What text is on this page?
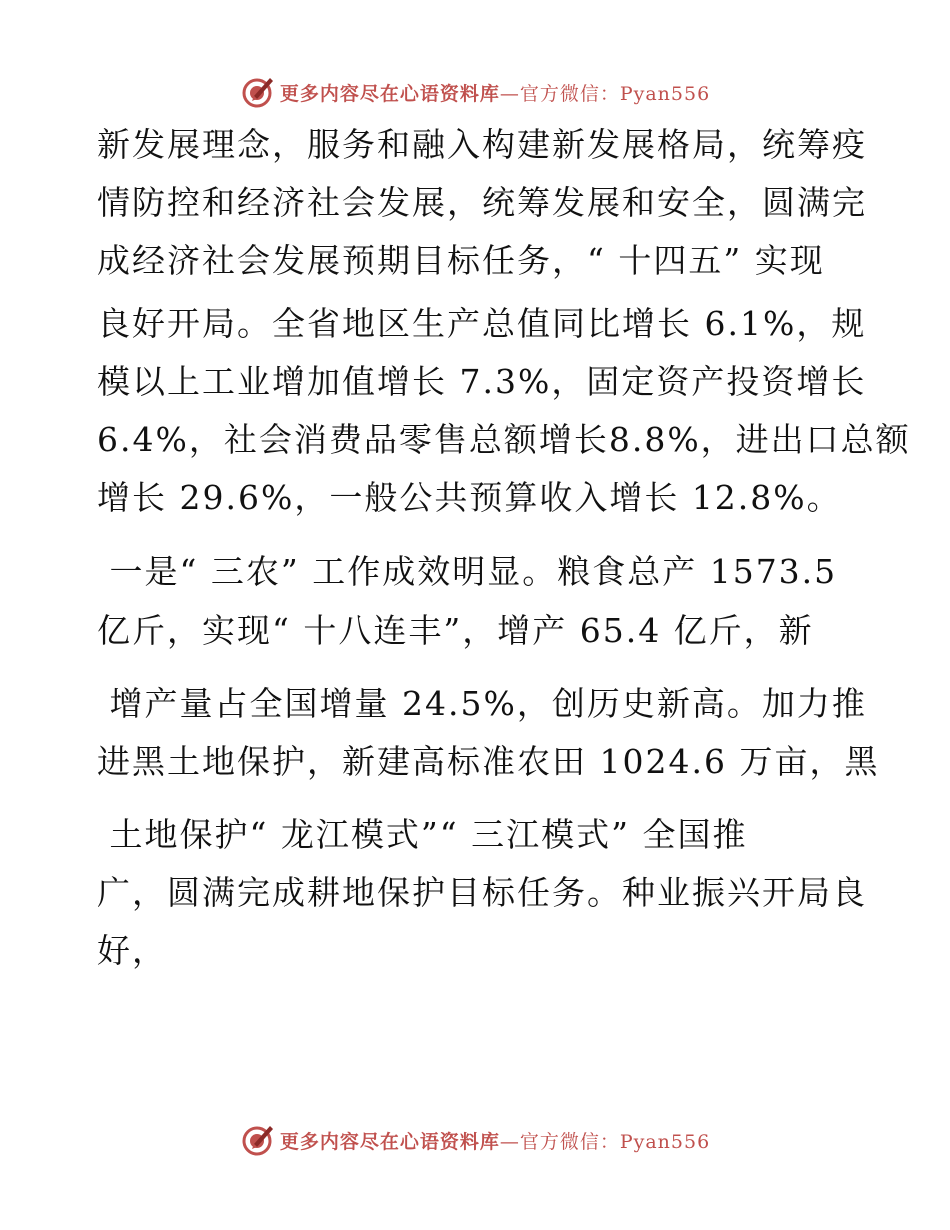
更多内容尽在心语资料库—官方微信：Pyan556
新发展理念，服务和融入构建新发展格局，统筹疫
情防控和经济社会发展，统筹发展和安全，圆满完
成经济社会发展预期目标任务，“ 十四五” 实现
良好开局。全省地区生产总值同比增长 6.1%，规
模以上工业增加值增长 7.3%，固定资产投资增长
6.4%，社会消费品零售总额增长8.8%，进出口总额
增长 29.6%，一般公共预算收入增长 12.8%。
一是“ 三农” 工作成效明显。粮食总产 1573.5
亿斤，实现“ 十八连丰”，增产 65.4 亿斤，新
增产量占全国增量 24.5%，创历史新高。加力推
进黑土地保护，新建高标准农田 1024.6 万亩，黑
土地保护“ 龙江模式”“ 三江模式” 全国推
广，圆满完成耕地保护目标任务。种业振兴开局良
好，
更多内容尽在心语资料库—官方微信：Pyan556
